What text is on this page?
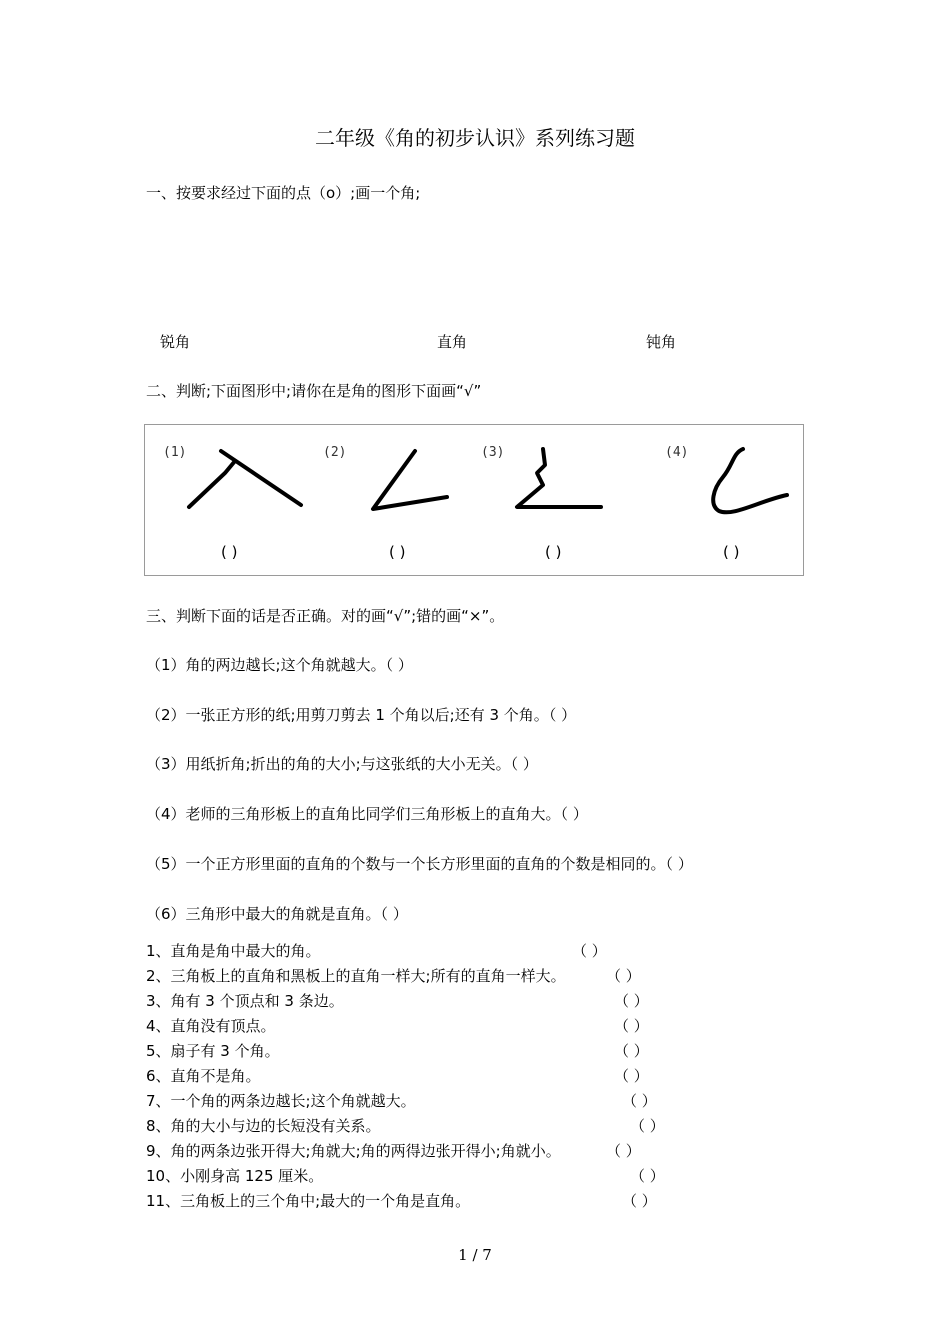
二年级《角的初步认识》系列练习题
一、按要求经过下面的点（o）;画一个角;
锐角	直角	钝角
二、判断;下面图形中;请你在是角的图形下面画“√”
(1)
( )
(2)
( )
(3)
( )
(4)
( )
三、判断下面的话是否正确。对的画“√”;错的画“×”。
（1）角的两边越长;这个角就越大。（ ）
（2）一张正方形的纸;用剪刀剪去 1 个角以后;还有 3 个角。（ ）
（3）用纸折角;折出的角的大小;与这张纸的大小无关。（ ）
（4）老师的三角形板上的直角比同学们三角形板上的直角大。（ ）
（5）一个正方形里面的直角的个数与一个长方形里面的直角的个数是相同的。（ ）
（6）三角形中最大的角就是直角。（ ）
1、直角是角中最大的角。	（ ）
2、三角板上的直角和黑板上的直角一样大;所有的直角一样大。	（ ）
3、角有 3 个顶点和 3 条边。	（ ）
4、直角没有顶点。	（ ）
5、扇子有 3 个角。	（ ）
6、直角不是角。	（ ）
7、一个角的两条边越长;这个角就越大。	（ ）
8、角的大小与边的长短没有关系。	（ ）
9、角的两条边张开得大;角就大;角的两得边张开得小;角就小。	（ ）
10、小刚身高 125 厘米。	（ ）
11、三角板上的三个角中;最大的一个角是直角。	（ ）
1 / 7
